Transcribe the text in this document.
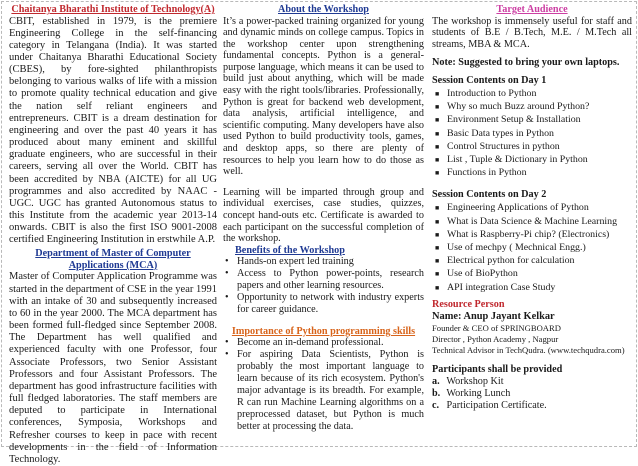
Chaitanya Bharathi Institute of Technology(A)

CBIT, established in 1979, is the premiere Engineering College in the self-financing category in Telangana (India). It was started under Chaitanya Bharathi Educational Society (CBES), by fore-sighted philanthropists belonging to various walks of life with a mission to promote quality technical education and give the nation self reliant engineers and entrepreneurs. CBIT is a dream destination for engineering and over the past 40 years it has produced about many eminent and skillful graduate engineers, who are successful in their careers, serving all over the World. CBIT has been accredited by NBA (AICTE) for all UG programmes and also accredited by NAAC - UGC. UGC has granted Autonomous status to this Institute from the academic year 2013-14 onwards. CBIT is also the first ISO 9001-2008 certified Engineering Institution in erstwhile A.P.

Department of Master of Computer

Applications (MCA)

Master of Computer Application Programme was started in the department of CSE in the year 1991 with an intake of 30 and subsequently increased to 60 in the year 2000. The MCA department has been formed full-fledged since September 2008. The Department has well qualified and experienced faculty with one Professor, four Associate Professors, two Senior Assistant Professors and four Assistant Professors. The department has good infrastructure facilities with full fledged laboratories. The staff members are deputed to participate in International conferences, Symposia, Workshops and Refresher courses to keep in pace with recent developments in the field of Information Technology.

About the Workshop

It’s a power-packed training organized for young and dynamic minds on college campus. Topics in the workshop center upon strengthening fundamental concepts. Python is a general-purpose language, which means it can be used to build just about anything, which will be made easy with the right tools/libraries. Professionally, Python is great for backend web development, data analysis, artificial intelligence, and scientific computing. Many developers have also used Python to build productivity tools, games, and desktop apps, so there are plenty of resources to help you learn how to do those as well.

Learning will be imparted through group and individual exercises, case studies, quizzes, concept hand-outs etc. Certificate is awarded to each participant on the successful completion of the workshop.

Benefits of the Workshop

• Hands-on expert led training
• Access to Python power-points, research papers and other learning resources.
• Opportunity to network with industry experts for career guidance.

Importance of Python programming skills

• Become an in-demand professional.
• For aspiring Data Scientists, Python is probably the most important language to learn because of its rich ecosystem. Python's major advantage is its breadth. For example, R can run Machine Learning algorithms on a preprocessed dataset, but Python is much better at processing the data.

Target Audience

The workshop is immensely useful for staff and students of B.E / B.Tech, M.E. / M.Tech all streams, MBA & MCA.

Note: Suggested to bring your own laptops.

Session Contents on Day 1

■ Introduction to Python
■ Why so much Buzz around Python?
■ Environment Setup & Installation
■ Basic Data types in Python
■ Control Structures in python
■ List , Tuple & Dictionary in Python
■ Functions in Python

Session Contents on Day 2

■ Engineering Applications of Python
■ What is Data Science & Machine Learning
■ What is Raspberry-Pi chip? (Electronics)
■ Use of mechpy ( Mechnical Engg.)
■ Electrical python for calculation
■ Use of BioPython
■ API integration Case Study

Resource Person

Name: Anup Jayant Kelkar

Founder & CEO of SPRINGBOARD

Director , Python Academy , Nagpur

Technical Advisor in TechQudra. (www.techqudra.com)

Participants shall be provided

a. Workshop Kit
b. Working Lunch
c. Participation Certificate.
